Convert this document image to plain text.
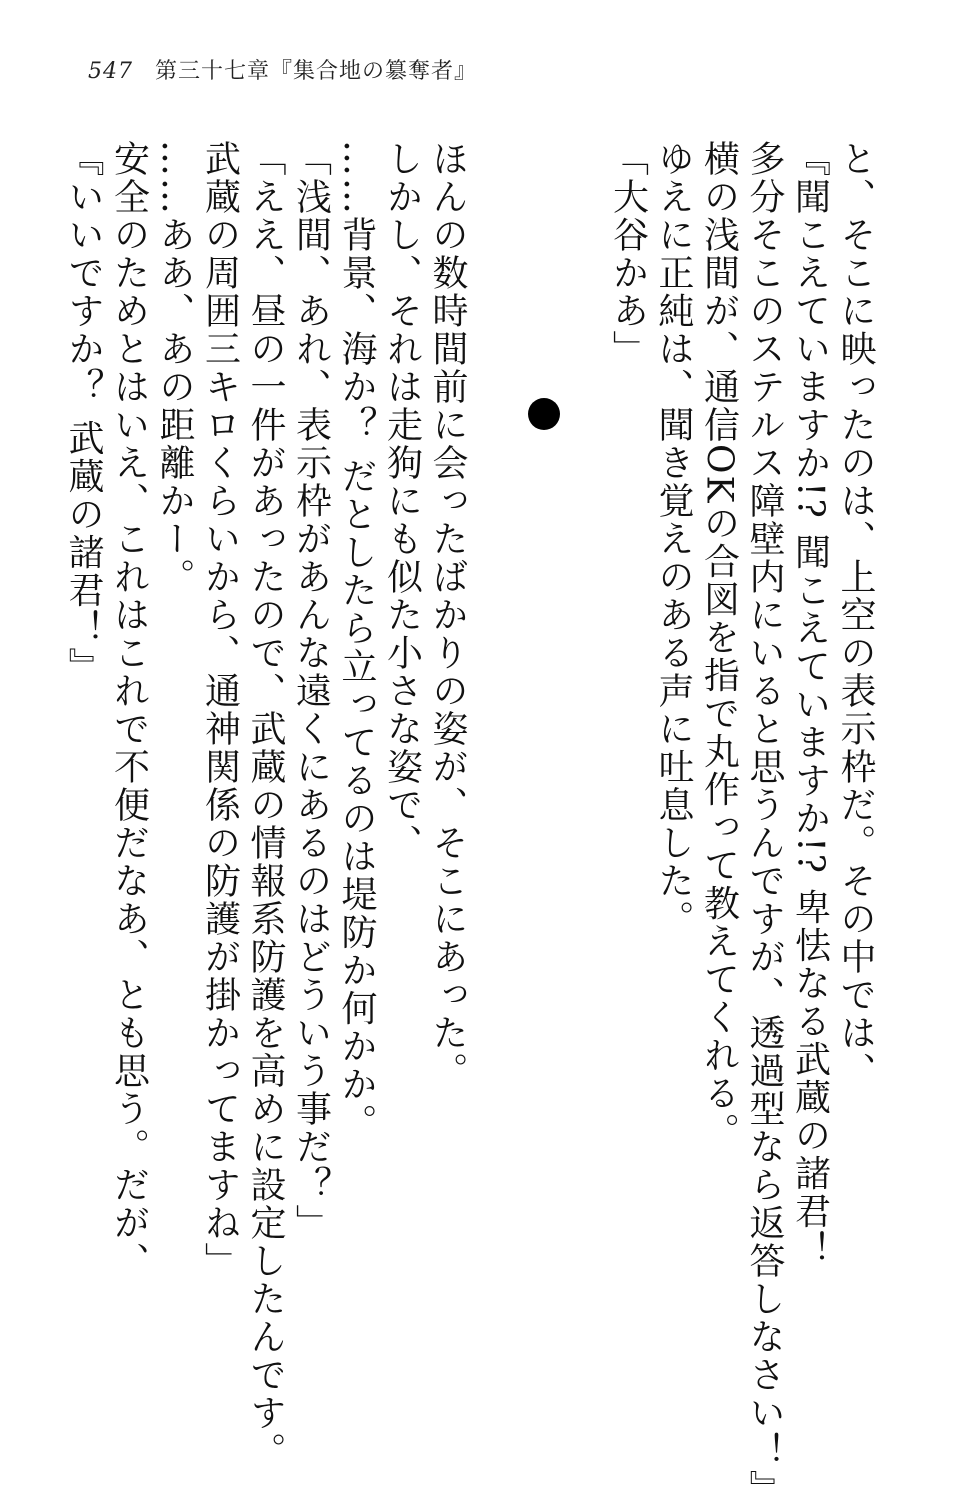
547 第三十七章『集合地の簒奪者』
と、そこに映ったのは、上空の表示枠だ。その中では、
『聞こえていますか!? 聞こえていますか!? 卑怯なる武蔵の諸君！
多分そこのステルス障壁内にいると思うんですが、透過型なら返答しなさい！』
横の浅間が、通信OKの合図を指で丸作って教えてくれる。
ゆえに正純は、聞き覚えのある声に吐息した。
「大谷かあ」
ほんの数時間前に会ったばかりの姿が、そこにあった。
しかし、それは走狗にも似た小さな姿で、
……背景、海か？ だとしたら立ってるのは堤防か何かか。
「浅間、あれ、表示枠があんな遠くにあるのはどういう事だ？」
「ええ、昼の一件があったので、武蔵の情報系防護を高めに設定したんです。
武蔵の周囲三キロくらいから、通神関係の防護が掛かってますね」
……ああ、あの距離かー。
安全のためとはいえ、これはこれで不便だなあ、とも思う。だが、
『いいですか？ 武蔵の諸君！』
